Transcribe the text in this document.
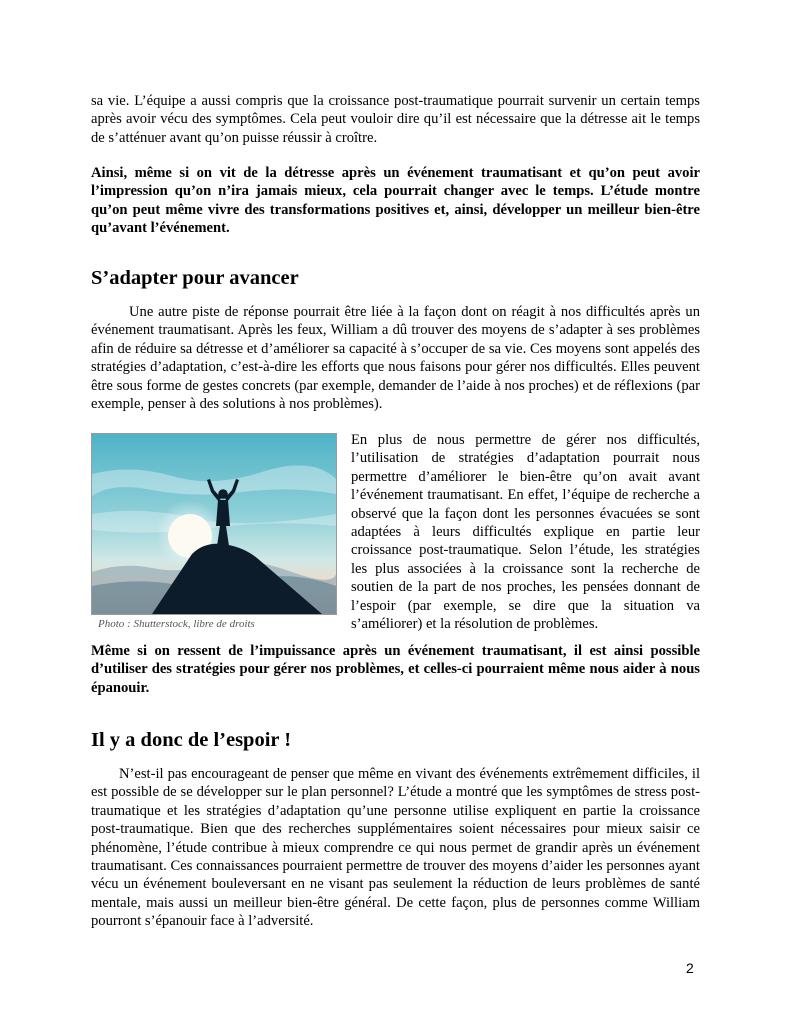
sa vie. L’équipe a aussi compris que la croissance post-traumatique pourrait survenir un certain temps après avoir vécu des symptômes. Cela peut vouloir dire qu’il est nécessaire que la détresse ait le temps de s’atténuer avant qu’on puisse réussir à croître.

Ainsi, même si on vit de la détresse après un événement traumatisant et qu’on peut avoir l’impression qu’on n’ira jamais mieux, cela pourrait changer avec le temps. L’étude montre qu’on peut même vivre des transformations positives et, ainsi, développer un meilleur bien-être qu’avant l’événement.

S’adapter pour avancer

Une autre piste de réponse pourrait être liée à la façon dont on réagit à nos difficultés après un événement traumatisant. Après les feux, William a dû trouver des moyens de s’adapter à ses problèmes afin de réduire sa détresse et d’améliorer sa capacité à s’occuper de sa vie. Ces moyens sont appelés des stratégies d’adaptation, c’est-à-dire les efforts que nous faisons pour gérer nos difficultés. Elles peuvent être sous forme de gestes concrets (par exemple, demander de l’aide à nos proches) et de réflexions (par exemple, penser à des solutions à nos problèmes).

Photo : Shutterstock, libre de droits

En plus de nous permettre de gérer nos difficultés, l’utilisation de stratégies d’adaptation pourrait nous permettre d’améliorer le bien-être qu’on avait avant l’événement traumatisant. En effet, l’équipe de recherche a observé que la façon dont les personnes évacuées se sont adaptées à leurs difficultés explique en partie leur croissance post-traumatique. Selon l’étude, les stratégies les plus associées à la croissance sont la recherche de soutien de la part de nos proches, les pensées donnant de l’espoir (par exemple, se dire que la situation va s’améliorer) et la résolution de problèmes.

Même si on ressent de l’impuissance après un événement traumatisant, il est ainsi possible d’utiliser des stratégies pour gérer nos problèmes, et celles-ci pourraient même nous aider à nous épanouir.

Il y a donc de l’espoir !

N’est-il pas encourageant de penser que même en vivant des événements extrêmement difficiles, il est possible de se développer sur le plan personnel? L’étude a montré que les symptômes de stress post-traumatique et les stratégies d’adaptation qu’une personne utilise expliquent en partie la croissance post-traumatique. Bien que des recherches supplémentaires soient nécessaires pour mieux saisir ce phénomène, l’étude contribue à mieux comprendre ce qui nous permet de grandir après un événement traumatisant. Ces connaissances pourraient permettre de trouver des moyens d’aider les personnes ayant vécu un événement bouleversant en ne visant pas seulement la réduction de leurs problèmes de santé mentale, mais aussi un meilleur bien-être général. De cette façon, plus de personnes comme William pourront s’épanouir face à l’adversité.

2
